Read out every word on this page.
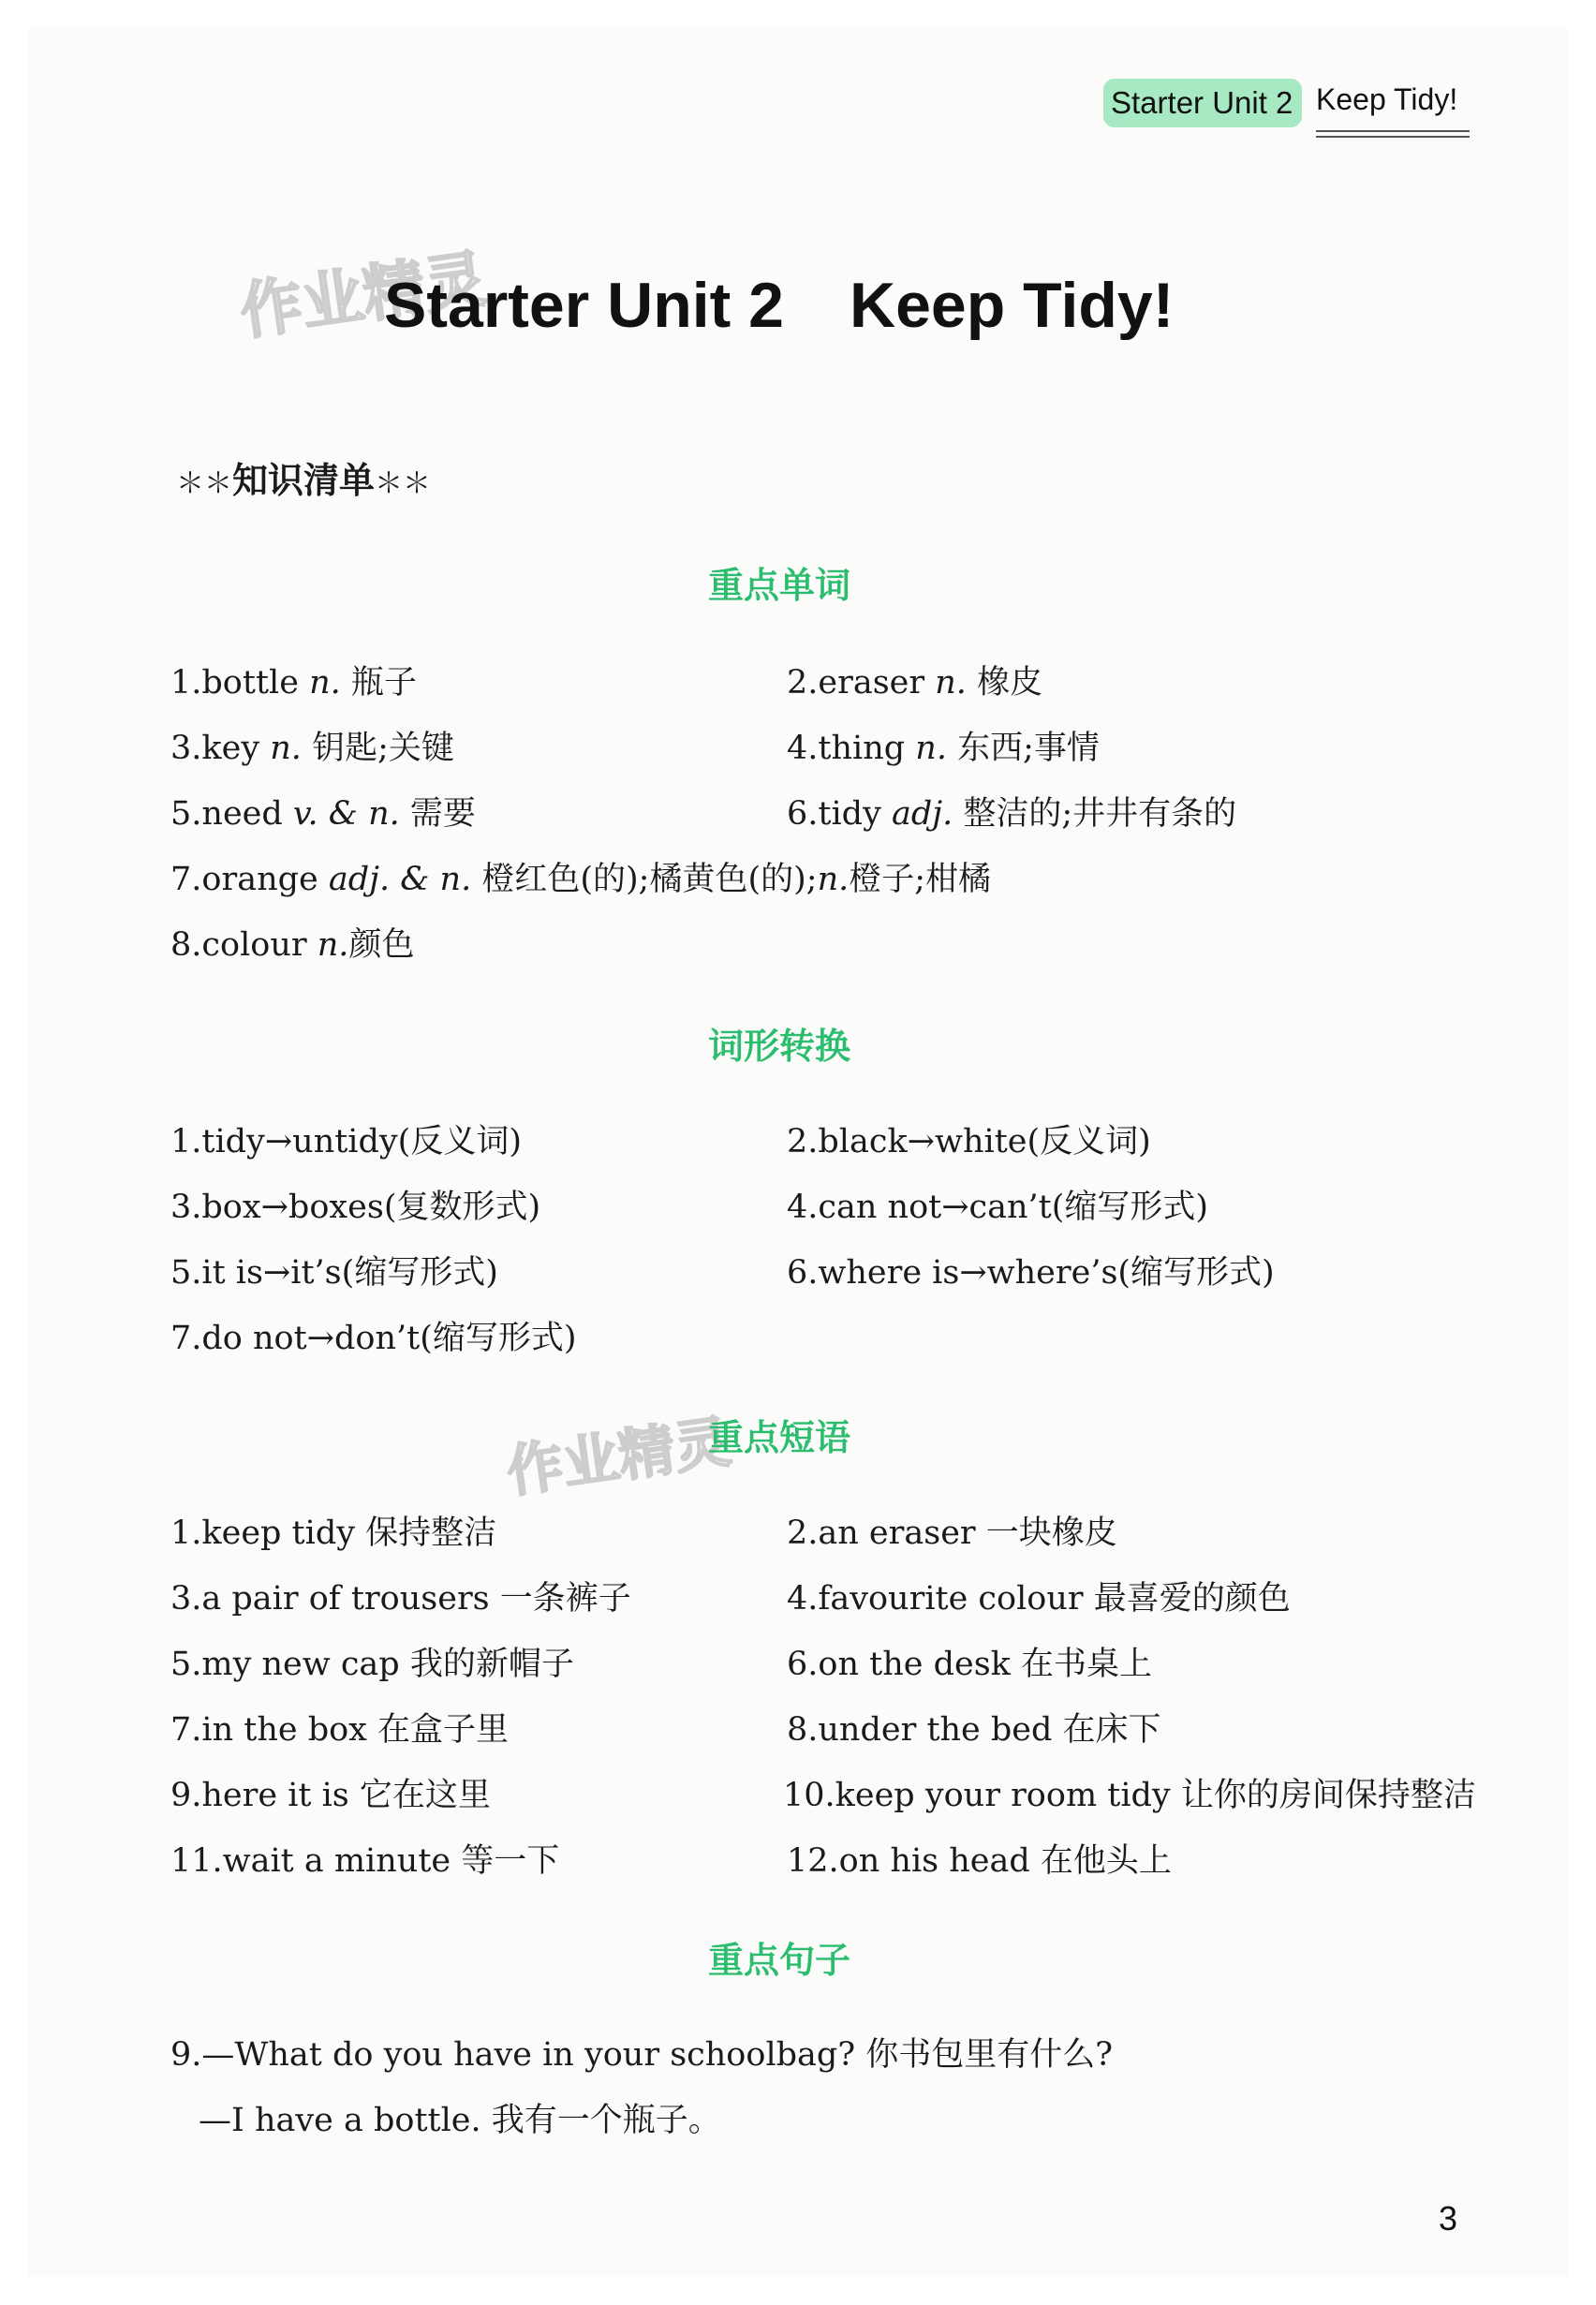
Starter Unit 2 Keep Tidy!
作业精灵
作业精灵
Starter Unit 2 Keep Tidy!
＊＊知识清单＊＊
重点单词
1.bottle n. 瓶子	2.eraser n. 橡皮
3.key n. 钥匙;关键	4.thing n. 东西;事情
5.need v. & n. 需要	6.tidy adj. 整洁的;井井有条的
7.orange adj. & n. 橙红色(的);橘黄色(的);n.橙子;柑橘
8.colour n.颜色
词形转换
1.tidy→untidy(反义词)	2.black→white(反义词)
3.box→boxes(复数形式)	4.can not→can’t(缩写形式)
5.it is→it’s(缩写形式)	6.where is→where’s(缩写形式)
7.do not→don’t(缩写形式)
重点短语
1.keep tidy 保持整洁	2.an eraser 一块橡皮
3.a pair of trousers 一条裤子	4.favourite colour 最喜爱的颜色
5.my new cap 我的新帽子	6.on the desk 在书桌上
7.in the box 在盒子里	8.under the bed 在床下
9.here it is 它在这里	10.keep your room tidy 让你的房间保持整洁
11.wait a minute 等一下	12.on his head 在他头上
重点句子
9.—What do you have in your schoolbag? 你书包里有什么?
—I have a bottle. 我有一个瓶子。
3
